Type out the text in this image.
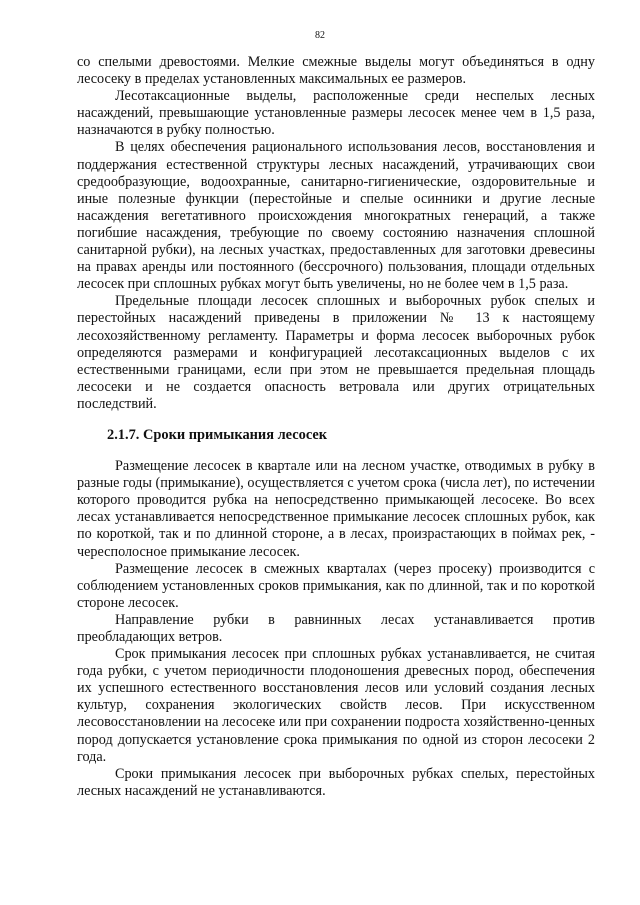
82

со спелыми древостоями. Мелкие смежные выделы могут объединяться в одну лесосеку в пределах установленных максимальных ее размеров.

Лесотаксационные выделы, расположенные среди неспелых лесных насаждений, превышающие установленные размеры лесосек менее чем в 1,5 раза, назначаются в рубку полностью.

В целях обеспечения рационального использования лесов, восстановления и поддержания естественной структуры лесных насаждений, утрачивающих свои средообразующие, водоохранные, санитарно-гигиенические, оздоровительные и иные полезные функции (перестойные и спелые осинники и другие лесные насаждения вегетативного происхождения многократных генераций, а также погибшие насаждения, требующие по своему состоянию назначения сплошной санитарной рубки), на лесных участках, предоставленных для заготовки древесины на правах аренды или постоянного (бессрочного) пользования, площади отдельных лесосек при сплошных рубках могут быть увеличены, но не более чем в 1,5 раза.

Предельные площади лесосек сплошных и выборочных рубок спелых и перестойных насаждений приведены в приложении № 13 к настоящему лесохозяйственному регламенту. Параметры и форма лесосек выборочных рубок определяются размерами и конфигурацией лесотаксационных выделов с их естественными границами, если при этом не превышается предельная площадь лесосеки и не создается опасность ветровала или других отрицательных последствий.

2.1.7. Сроки примыкания лесосек

Размещение лесосек в квартале или на лесном участке, отводимых в рубку в разные годы (примыкание), осуществляется с учетом срока (числа лет), по истечении которого проводится рубка на непосредственно примыкающей лесосеке. Во всех лесах устанавливается непосредственное примыкание лесосек сплошных рубок, как по короткой, так и по длинной стороне, а в лесах, произрастающих в поймах рек, - чересполосное примыкание лесосек.

Размещение лесосек в смежных кварталах (через просеку) производится с соблюдением установленных сроков примыкания, как по длинной, так и по короткой стороне лесосек.

Направление рубки в равнинных лесах устанавливается против преобладающих ветров.

Срок примыкания лесосек при сплошных рубках устанавливается, не считая года рубки, с учетом периодичности плодоношения древесных пород, обеспечения их успешного естественного восстановления лесов или условий создания лесных культур, сохранения экологических свойств лесов. При искусственном лесовосстановлении на лесосеке или при сохранении подроста хозяйственно-ценных пород допускается установление срока примыкания по одной из сторон лесосеки 2 года.

Сроки примыкания лесосек при выборочных рубках спелых, перестойных лесных насаждений не устанавливаются.
